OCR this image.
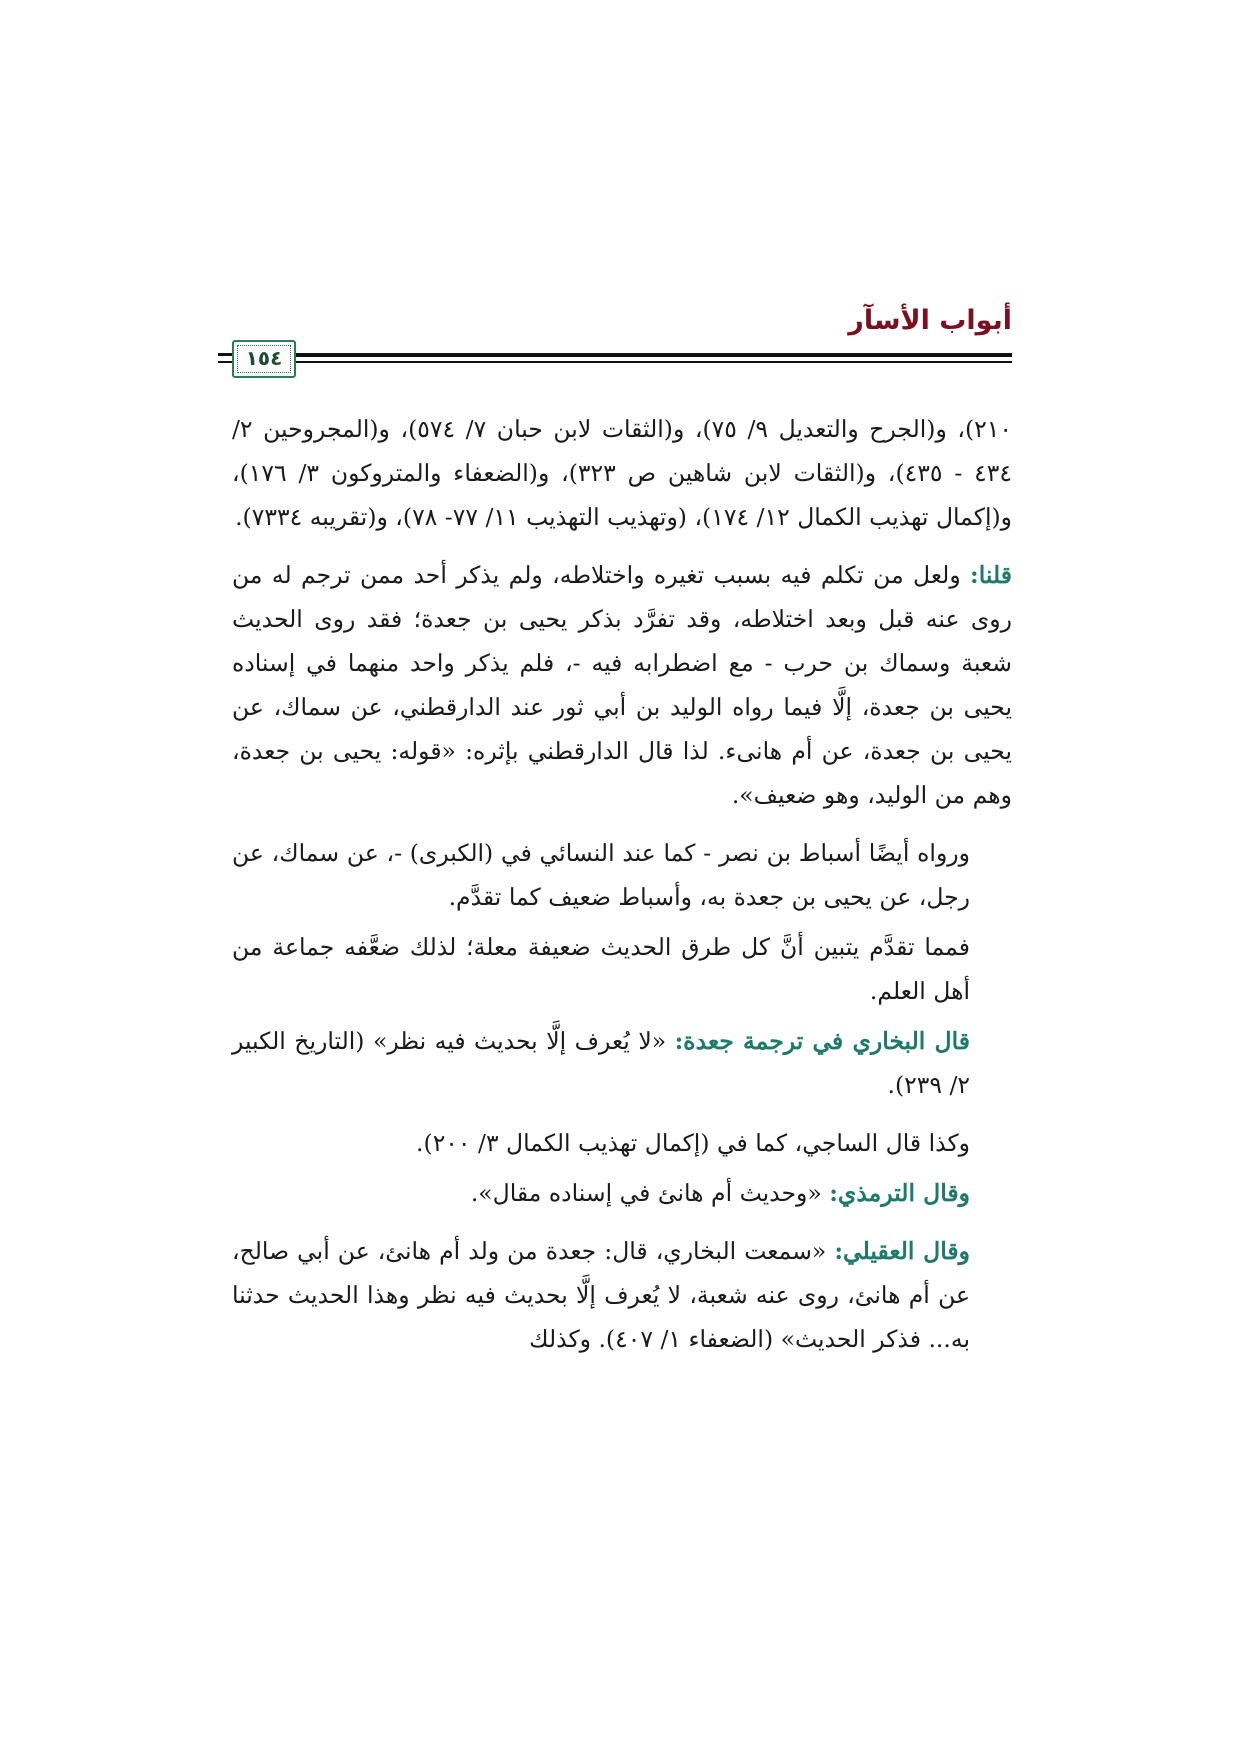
أبواب الأسآر
١٥٤

٢١٠)، و(الجرح والتعديل ٩/ ٧٥)، و(الثقات لابن حبان ٧/ ٥٧٤)، و(المجروحين ٢/ ٤٣٤ - ٤٣٥)، و(الثقات لابن شاهين ص ٣٢٣)، و(الضعفاء والمتروكون ٣/ ١٧٦)، و(إكمال تهذيب الكمال ١٢/ ١٧٤)، (وتهذيب التهذيب ١١/ ٧٧- ٧٨)، و(تقريبه ٧٣٣٤).

قلنا: ولعل من تكلم فيه بسبب تغيره واختلاطه، ولم يذكر أحد ممن ترجم له من روى عنه قبل وبعد اختلاطه، وقد تفرَّد بذكر يحيى بن جعدة؛ فقد روى الحديث شعبة وسماك بن حرب - مع اضطرابه فيه -، فلم يذكر واحد منهما في إسناده يحيى بن جعدة، إلَّا فيما رواه الوليد بن أبي ثور عند الدارقطني، عن سماك، عن يحيى بن جعدة، عن أم هانىء. لذا قال الدارقطني بإثره: «قوله: يحيى بن جعدة، وهم من الوليد، وهو ضعيف».

ورواه أيضًا أسباط بن نصر - كما عند النسائي في (الكبرى) -، عن سماك، عن رجل، عن يحيى بن جعدة به، وأسباط ضعيف كما تقدَّم.

فمما تقدَّم يتبين أنَّ كل طرق الحديث ضعيفة معلة؛ لذلك ضعَّفه جماعة من أهل العلم.

قال البخاري في ترجمة جعدة: «لا يُعرف إلَّا بحديث فيه نظر» (التاريخ الكبير ٢/ ٢٣٩).

وكذا قال الساجي، كما في (إكمال تهذيب الكمال ٣/ ٢٠٠).

وقال الترمذي: «وحديث أم هانئ في إسناده مقال».

وقال العقيلي: «سمعت البخاري، قال: جعدة من ولد أم هانئ، عن أبي صالح، عن أم هانئ، روى عنه شعبة، لا يُعرف إلَّا بحديث فيه نظر وهذا الحديث حدثنا به... فذكر الحديث» (الضعفاء ١/ ٤٠٧). وكذلك
